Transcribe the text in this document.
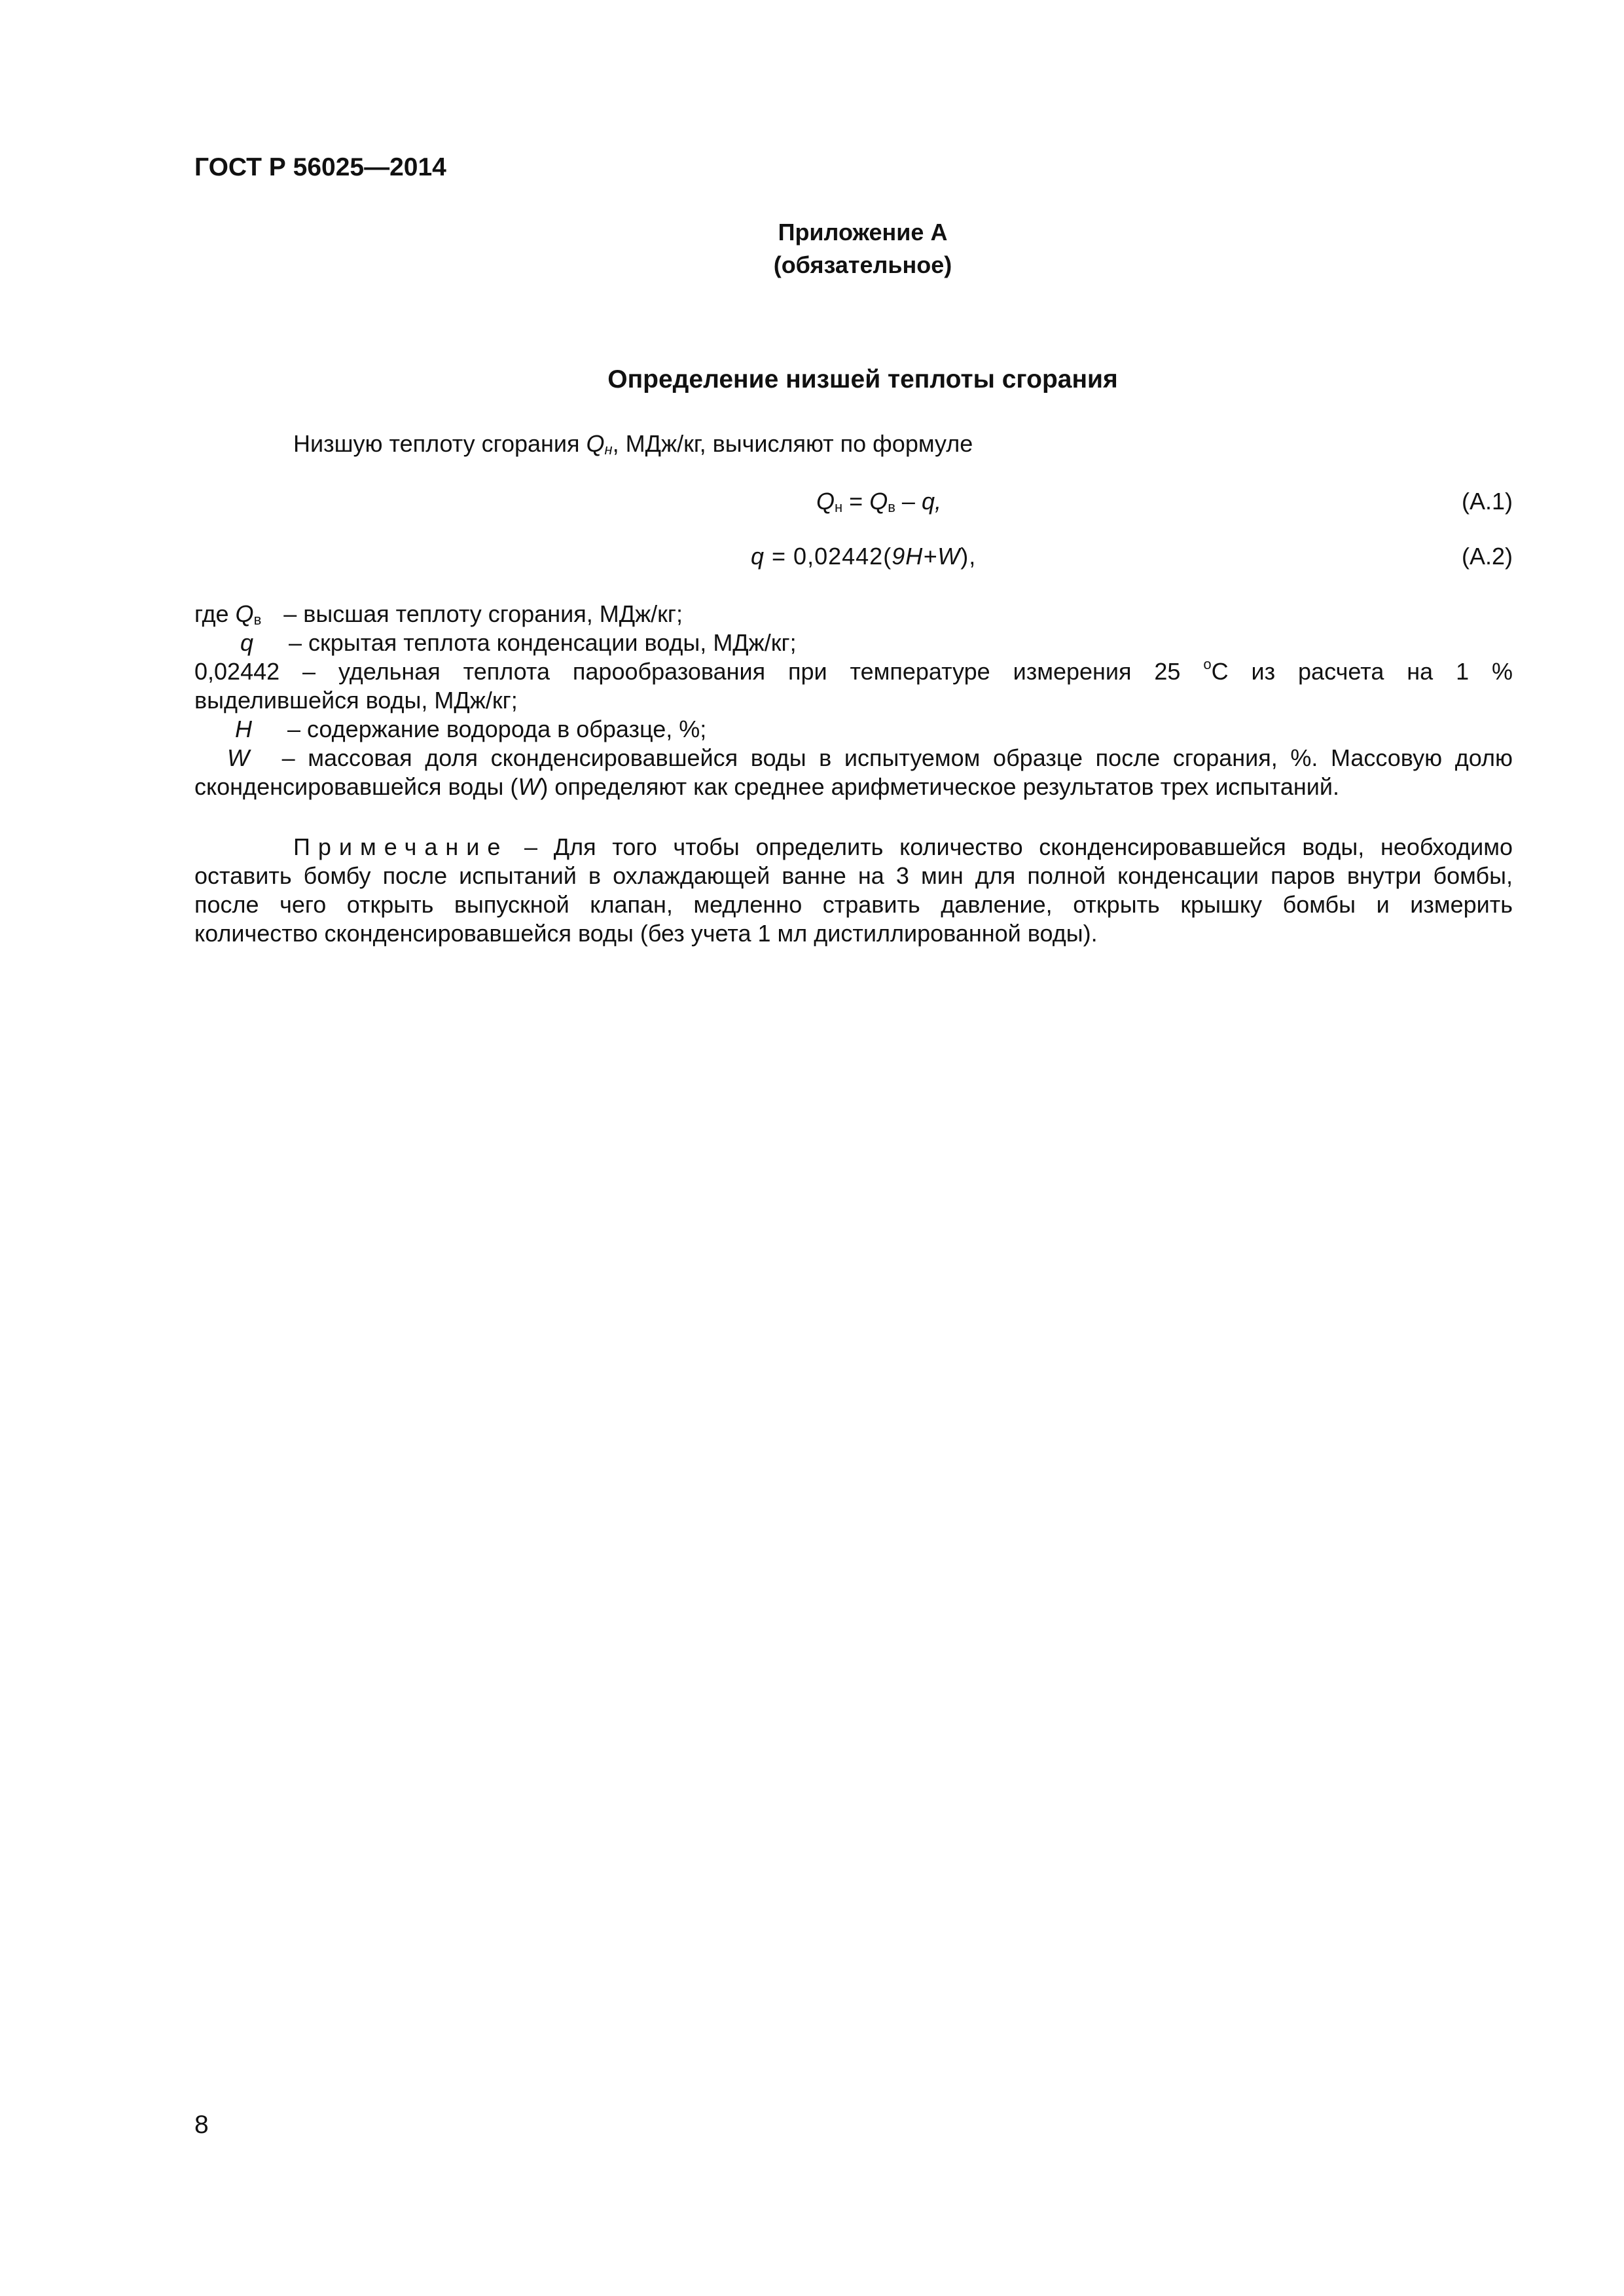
ГОСТ Р 56025—2014
Приложение А
(обязательное)
Определение низшей теплоты сгорания
Низшую теплоту сгорания $Q_н$, МДж/кг, вычисляют по формуле
$Q_н = Q_в - q$,	(А.1)
q = 0,02442(9H+W),	(А.2)
где $Q_в$ – высшая теплоту сгорания, МДж/кг;
q – скрытая теплота конденсации воды, МДж/кг;
0,02442 – удельная теплота парообразования при температуре измерения 25 $^о$С из расчета на 1 %
выделившейся воды, МДж/кг;
H – содержание водорода в образце, %;
W – массовая доля сконденсировавшейся воды в испытуемом образце после сгорания, %. Массовую долю
сконденсировавшейся воды (W) определяют как среднее арифметическое результатов трех испытаний.
Примечание – Для того чтобы определить количество сконденсировавшейся воды, необходимо
оставить бомбу после испытаний в охлаждающей ванне на 3 мин для полной конденсации паров внутри бомбы,
после чего открыть выпускной клапан, медленно стравить давление, открыть крышку бомбы и измерить
количество сконденсировавшейся воды (без учета 1 мл дистиллированной воды).
8
